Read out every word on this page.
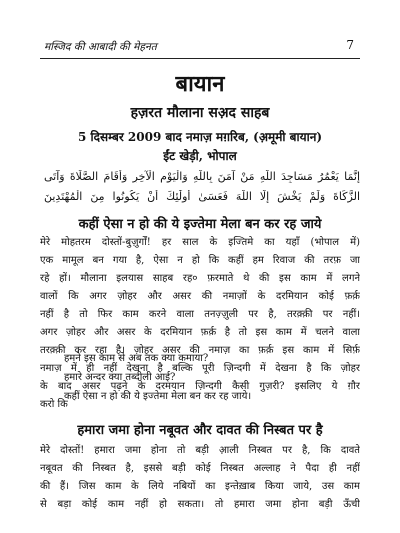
मस्जिद की आबादी की मेहनत	7
बायान
हज़रत मौलाना सअ़द साहब
5 दिसम्बर 2009 बाद नमाज़ मग़रिब, (अ़मूमी बायान)
ईंट खेड़ी, भोपाल
إِنَّمَا يَعْمُرُ مَسَاجِدَ اللَّهِ مَنْ آمَنَ بِاللَّهِ وَالْيَوْمِ الْآخِرِ وَأَقَامَ الصَّلَاةَ وَآتَى
الزَّكَاةَ وَلَمْ يَخْشَ إِلَّا اللَّهَ فَعَسَىٰ أُولَٰئِكَ أَنْ يَكُونُوا مِنَ الْمُهْتَدِينَ
कहीं ऐसा न हो की ये इज्तेमा मेला बन कर रह जाये
मेरे मोहतरम दोस्तों-बुज़ुर्गों! हर साल के इज्तिमे का यहाँ (भोपाल में)
एक मामूल बन गया है, ऐसा न हो कि कहीं हम रिवाज की तरफ़ जा
रहे हों। मौलाना इलयास साहब रह० फ़रमाते थे की इस काम में लगने
वालों कि अगर ज़ोहर और असर की नमाज़ों के दरमियान कोई फ़र्क़
नहीं है तो फिर काम करने वाला तनज़्ज़ुली पर है, तरक़्क़ी पर नहीं।
अगर ज़ोहर और असर के दरमियान फ़र्क़ है तो इस काम में चलने वाला
तरक़्क़ी कर रहा है। ज़ोहर असर की नमाज़ का फ़र्क़ इस काम में सिर्फ़
नमाज़ में ही नहीं देखना है बल्कि पूरी ज़िन्दगी में देखना है कि ज़ोहर
के बाद असर पढ़ने के दरमयान ज़िन्दगी कैसी गुज़री? इसलिए ये ग़ौर
करो कि
हमने इस काम से अब तक क्या कमाया?
हमारे अन्दर क्या तब्दीली आई?
कहीं ऐसा न हो की ये इज्तेमा मेला बन कर रह जाये।
हमारा जमा होना नबूवत और दावत की निस्बत पर है
मेरे दोस्तों! हमारा जमा होना तो बड़ी आ़ली निस्बत पर है, कि दावते
नबूवत की निस्बत है, इससे बड़ी कोई निस्बत अल्लाह ने पैदा ही नहीं
की हैं। जिस काम के लिये नबियों का इन्तेख़ाब किया जाये, उस काम
से बड़ा कोई काम नहीं हो सकता। तो हमारा जमा होना बड़ी ऊँची
